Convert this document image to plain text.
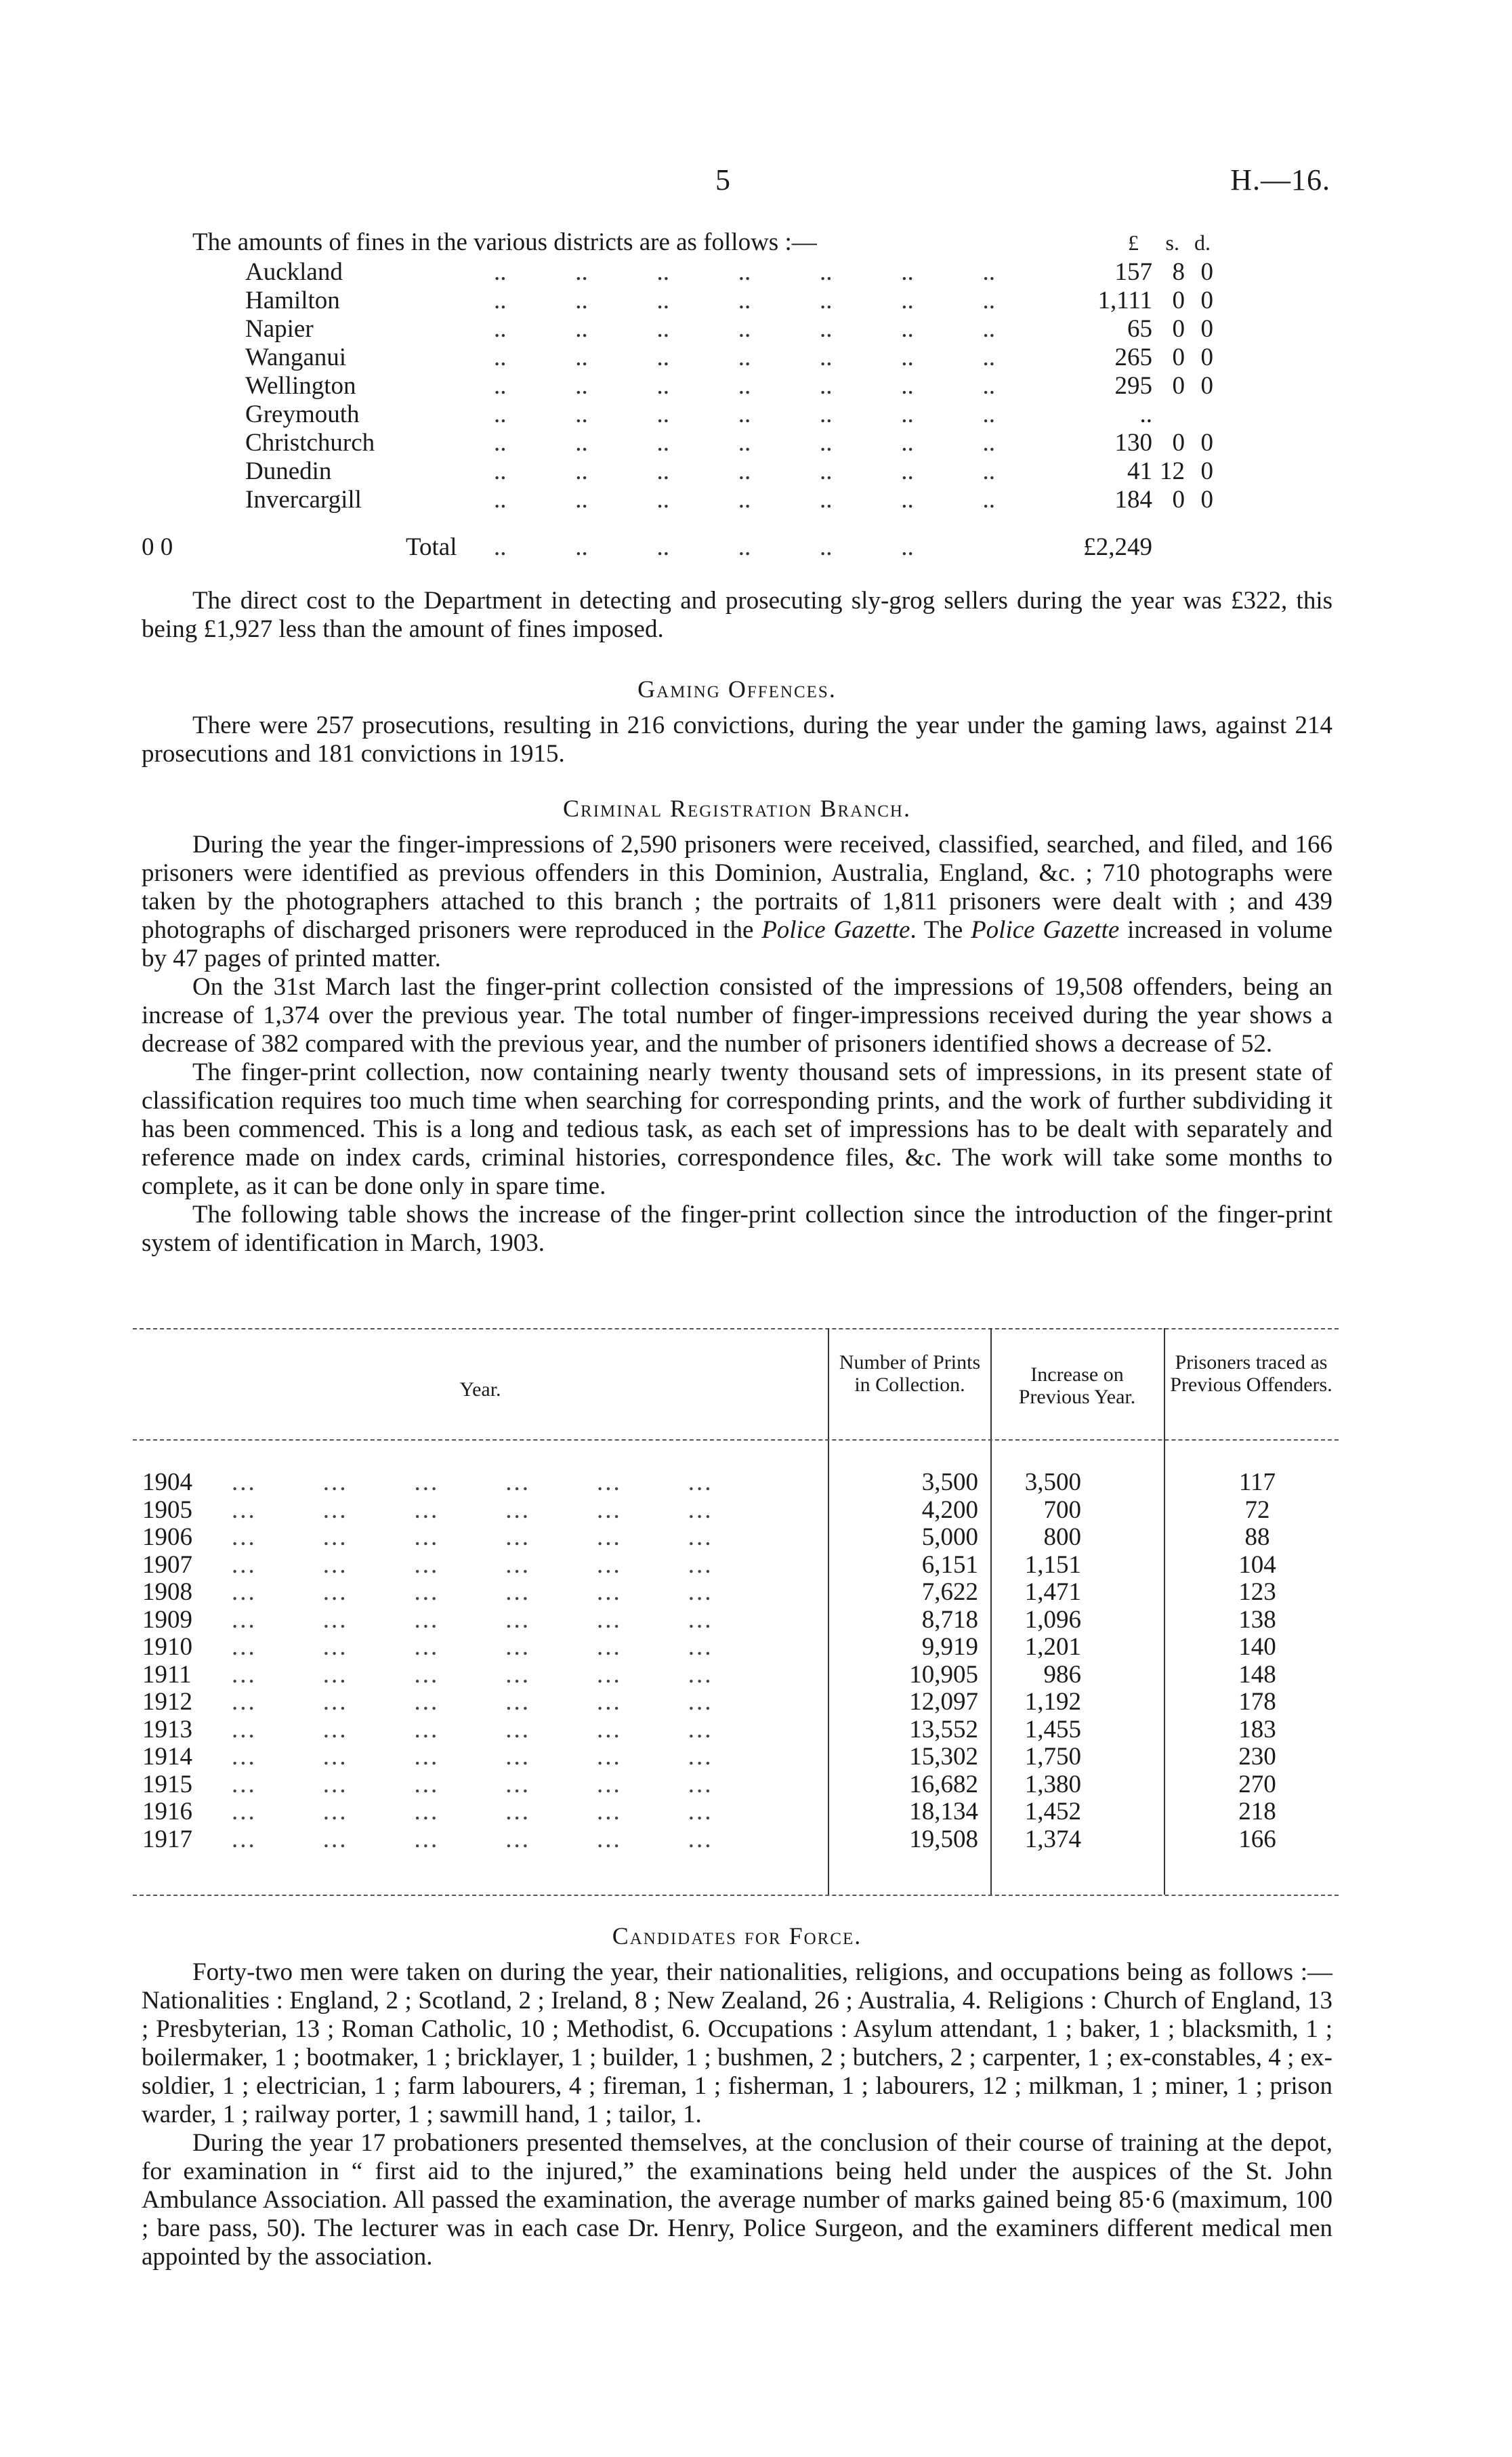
5	H.—16.
The amounts of fines in the various districts are as follows :—	£ s. d.
Auckland	..           ..           ..           ..           ..           ..           ..	157 8 0
Hamilton	..           ..           ..           ..           ..           ..           ..	1,111 0 0
Napier	..           ..           ..           ..           ..           ..           ..	65 0 0
Wanganui	..           ..           ..           ..           ..           ..           ..	265 0 0
Wellington	..           ..           ..           ..           ..           ..           ..	295 0 0
Greymouth	..           ..           ..           ..           ..           ..           ..	..
Christchurch	..           ..           ..           ..           ..           ..           ..	130 0 0
Dunedin	..           ..           ..           ..           ..           ..           ..	41 12 0
Invercargill	..           ..           ..           ..           ..           ..           ..	184 0 0
Total ..           ..           ..           ..           ..           ..	£2,249
0 0

The direct cost to the Department in detecting and prosecuting sly-grog sellers during the year was £322, this being £1,927 less than the amount of fines imposed.

Gaming Offences.

There were 257 prosecutions, resulting in 216 convictions, during the year under the gaming laws, against 214 prosecutions and 181 convictions in 1915.

Criminal Registration Branch.

During the year the finger-impressions of 2,590 prisoners were received, classified, searched, and filed, and 166 prisoners were identified as previous offenders in this Dominion, Australia, England, &c. ; 710 photographs were taken by the photographers attached to this branch ; the portraits of 1,811 prisoners were dealt with ; and 439 photographs of discharged prisoners were reproduced in the Police Gazette. The Police Gazette increased in volume by 47 pages of printed matter.

On the 31st March last the finger-print collection consisted of the impressions of 19,508 offenders, being an increase of 1,374 over the previous year. The total number of finger-impressions received during the year shows a decrease of 382 compared with the previous year, and the number of prisoners identified shows a decrease of 52.

The finger-print collection, now containing nearly twenty thousand sets of impressions, in its present state of classification requires too much time when searching for corresponding prints, and the work of further subdividing it has been commenced. This is a long and tedious task, as each set of impressions has to be dealt with separately and reference made on index cards, criminal histories, correspondence files, &c. The work will take some months to complete, as it can be done only in spare time.

The following table shows the increase of the finger-print collection since the introduction of the finger-print system of identification in March, 1903.

Year.
Number of Prints in Collection.	Increase on Previous Year.
Prisoners traced as Previous Offenders.
1904 ...        ...        ...        ...        ...        ...	3,500 3,500	117
1905 ...        ...        ...        ...        ...        ...	4,200	700	72
1906 ...        ...        ...        ...        ...        ...	5,000	800	88
1907 ...        ...        ...        ...        ...        ...	6,151 1,151	104
1908 ...        ...        ...        ...        ...        ...	7,622 1,471	123
1909 ...        ...        ...        ...        ...        ...	8,718 1,096	138
1910 ...        ...        ...        ...        ...        ...	9,919 1,201	140
1911 ...        ...        ...        ...        ...        ...	10,905	986	148
1912 ...        ...        ...        ...        ...        ...	12,097 1,192	178
1913 ...        ...        ...        ...        ...        ...	13,552 1,455	183
1914 ...        ...        ...        ...        ...        ...	15,302 1,750	230
1915 ...        ...        ...        ...        ...        ...	16,682 1,380	270
1916 ...        ...        ...        ...        ...        ...	18,134 1,452	218
1917 ...        ...        ...        ...        ...        ...	19,508 1,374	166

Candidates for Force.

Forty-two men were taken on during the year, their nationalities, religions, and occupations being as follows :—Nationalities : England, 2 ; Scotland, 2 ; Ireland, 8 ; New Zealand, 26 ; Australia, 4. Religions : Church of England, 13 ; Presbyterian, 13 ; Roman Catholic, 10 ; Methodist, 6. Occupations : Asylum attendant, 1 ; baker, 1 ; blacksmith, 1 ; boilermaker, 1 ; bootmaker, 1 ; bricklayer, 1 ; builder, 1 ; bushmen, 2 ; butchers, 2 ; carpenter, 1 ; ex-constables, 4 ; ex-soldier, 1 ; electrician, 1 ; farm labourers, 4 ; fireman, 1 ; fisherman, 1 ; labourers, 12 ; milkman, 1 ; miner, 1 ; prison warder, 1 ; railway porter, 1 ; sawmill hand, 1 ; tailor, 1.

During the year 17 probationers presented themselves, at the conclusion of their course of training at the depot, for examination in “ first aid to the injured,” the examinations being held under the auspices of the St. John Ambulance Association. All passed the examination, the average number of marks gained being 85·6 (maximum, 100 ; bare pass, 50). The lecturer was in each case Dr. Henry, Police Surgeon, and the examiners different medical men appointed by the association.
